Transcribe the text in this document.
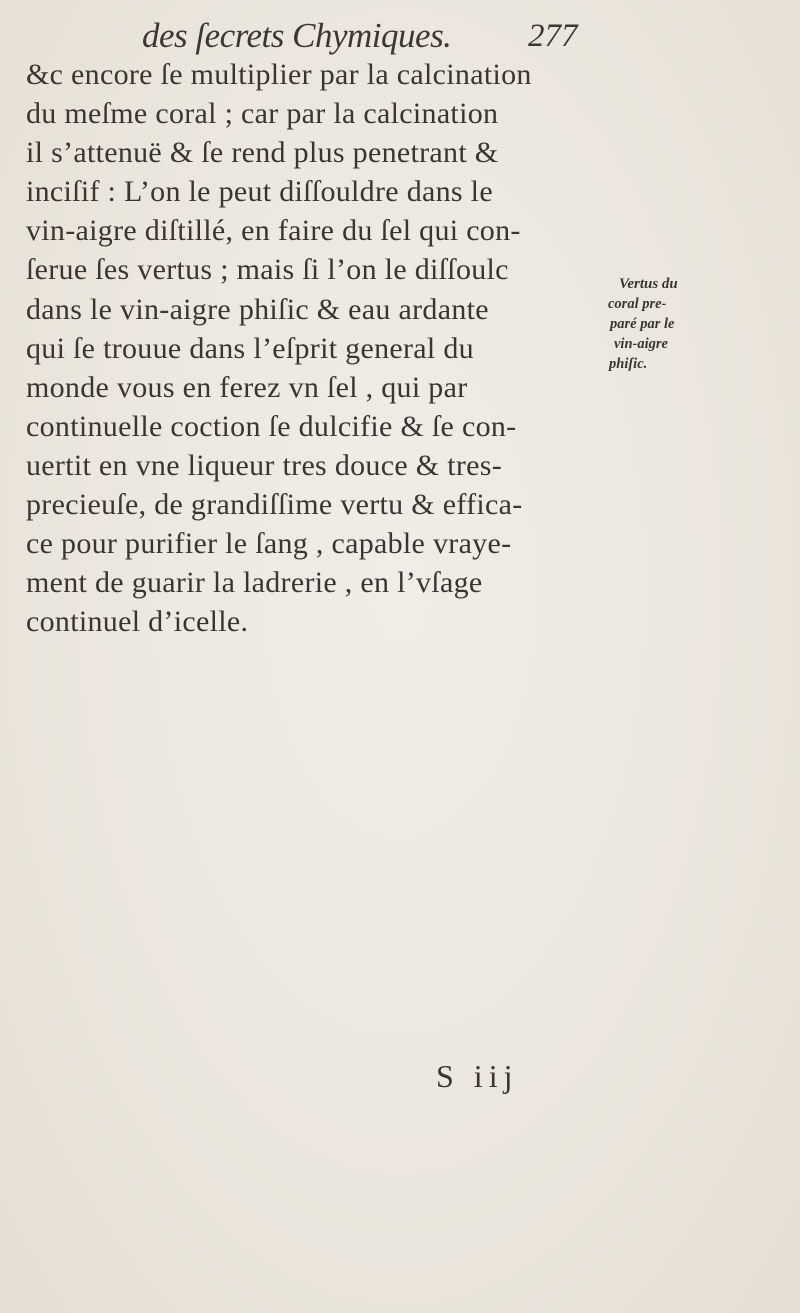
des ſecrets Chymiques. 277
&c encore ſe multiplier par la calcination
du meſme coral ; car par la calcination
il s’attenuë & ſe rend plus penetrant &
inciſif : L’on le peut diſſouldre dans le
vin-aigre diſtillé, en faire du ſel qui con-
ſerue ſes vertus ; mais ſi l’on le diſſoulc
dans le vin-aigre phiſic & eau ardante
qui ſe trouue dans l’eſprit general du
monde vous en ferez vn ſel , qui par
continuelle coction ſe dulcifie & ſe con-
uertit en vne liqueur tres douce & tres-
precieuſe, de grandiſſime vertu & effica-
ce pour purifier le ſang , capable vraye-
ment de guarir la ladrerie , en l’vſage
continuel d’icelle.
Vertus du
coral pre-
paré par le
vin-aigre
phiſic.
S iij
